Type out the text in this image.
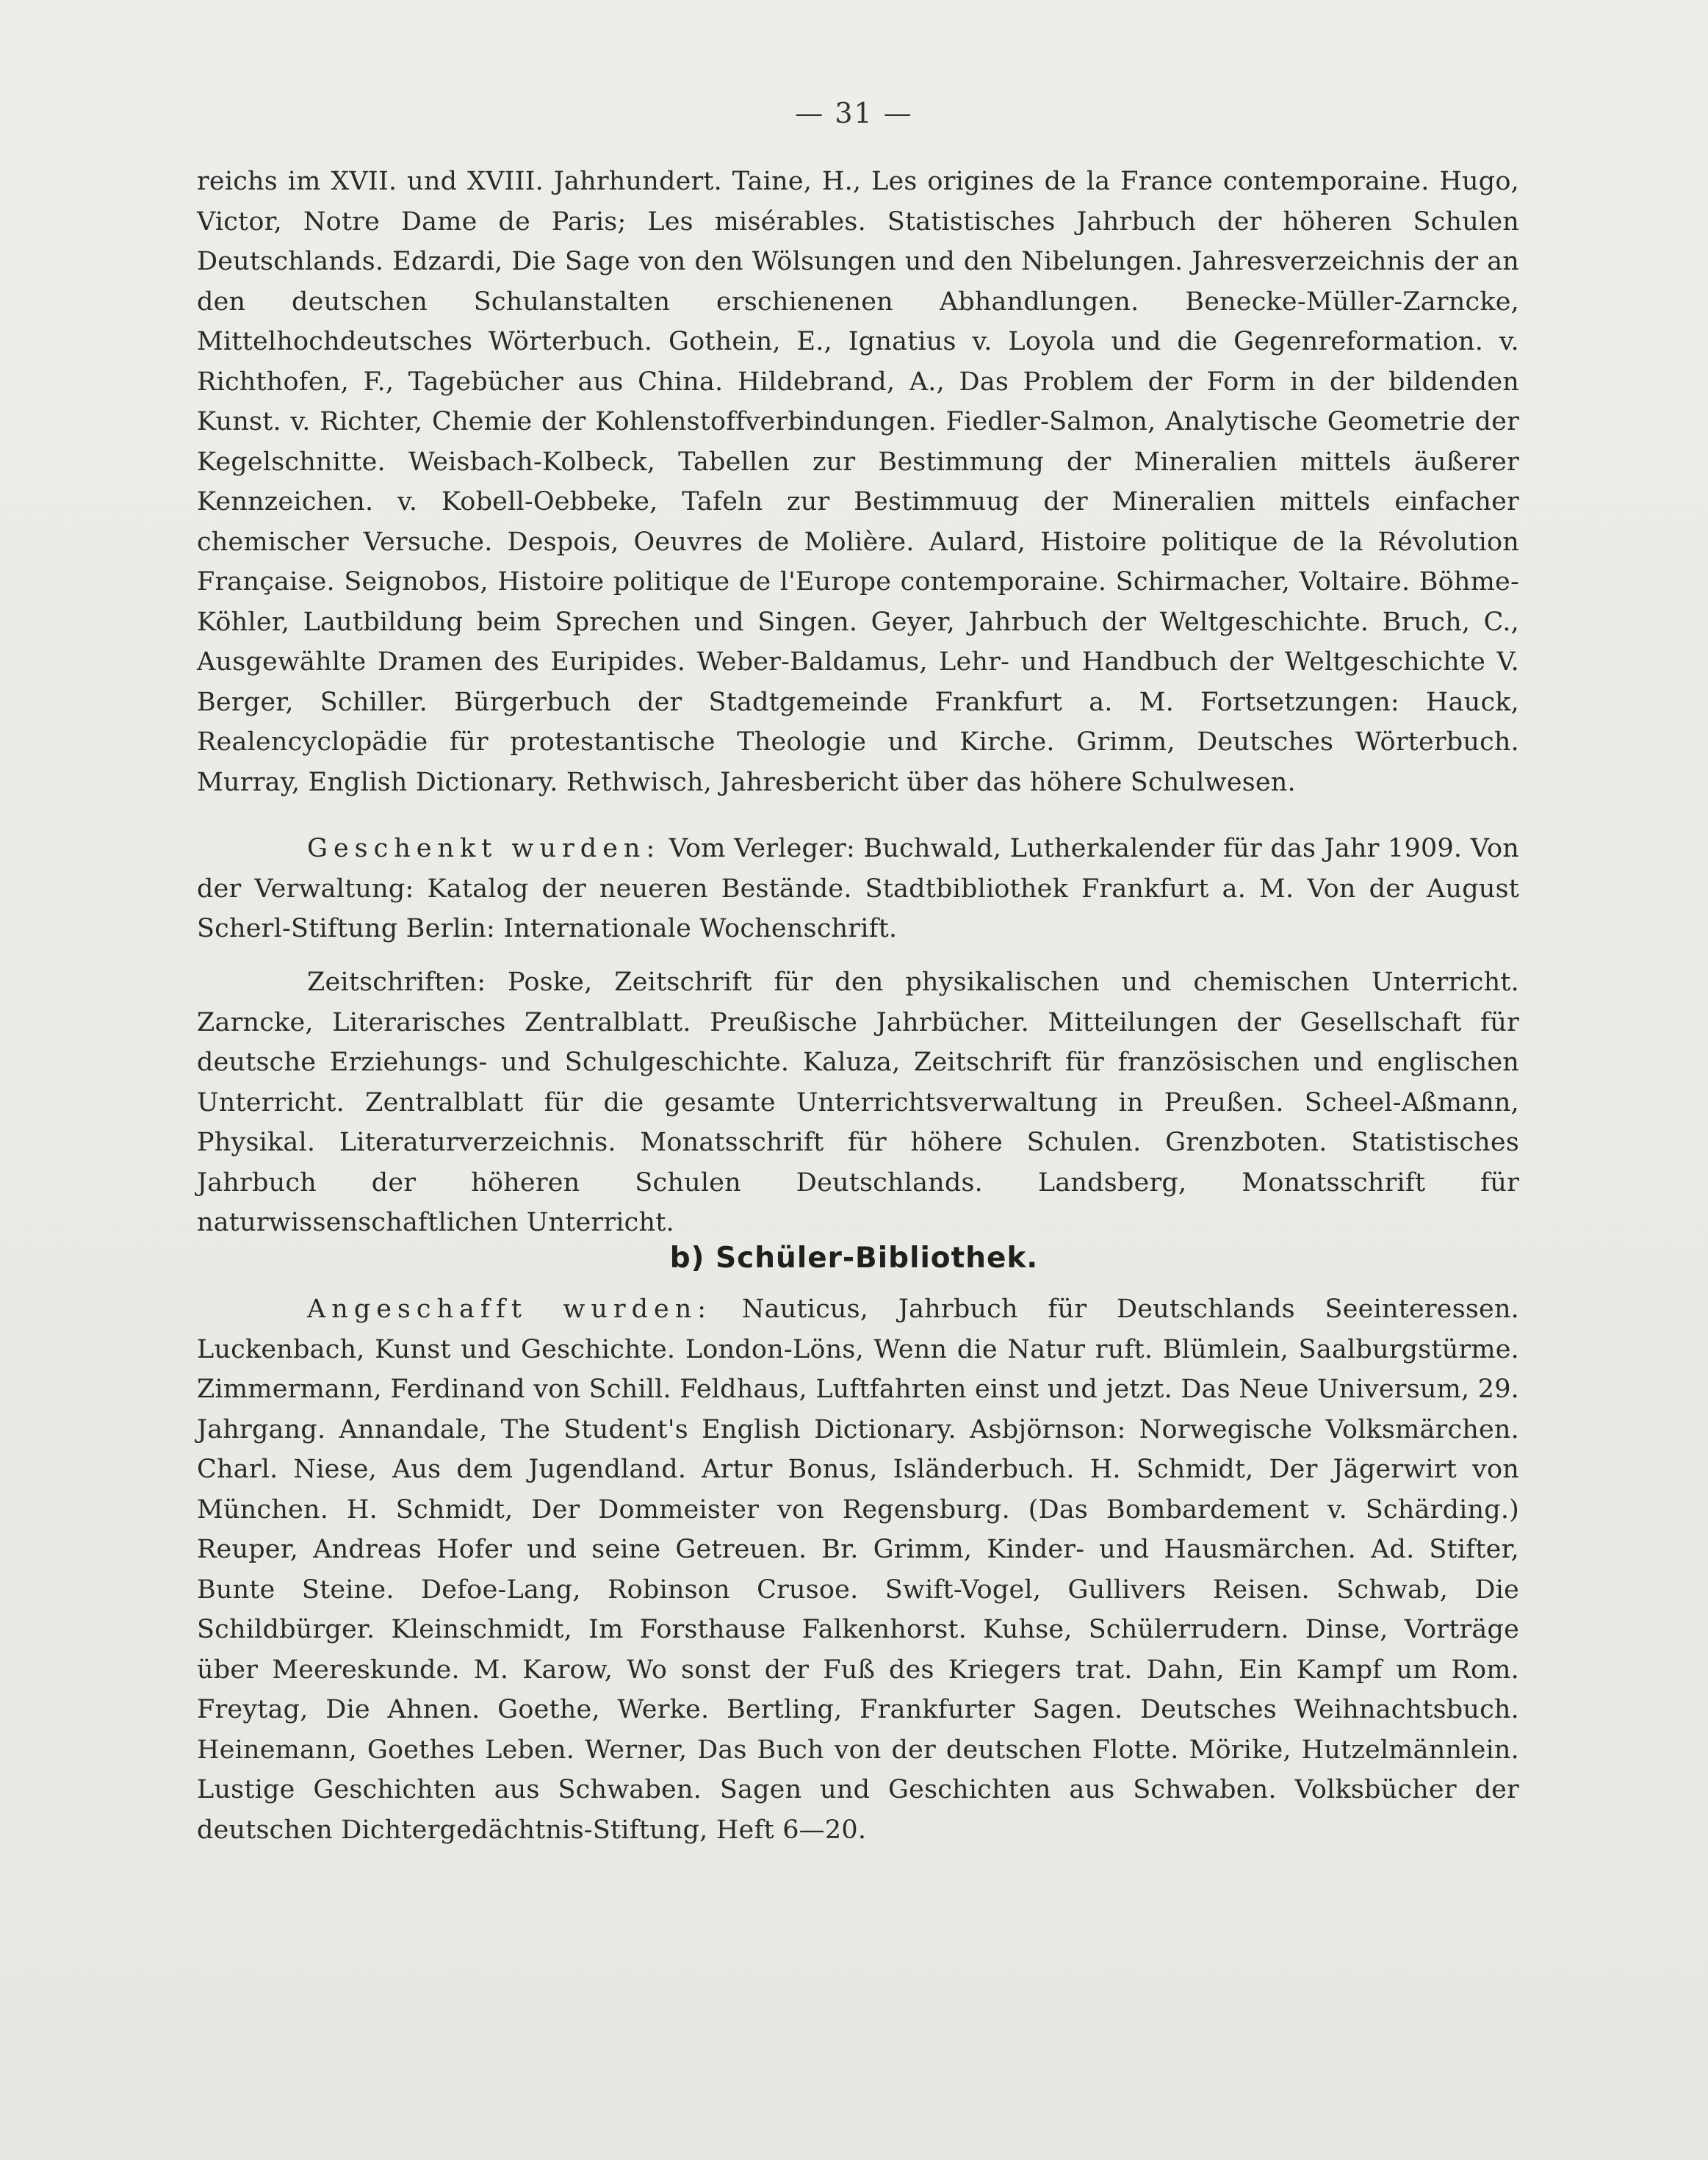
— 31 —

reichs im XVII. und XVIII. Jahrhundert. Taine, H., Les origines de la France contemporaine. Hugo, Victor, Notre Dame de Paris; Les misérables. Statistisches Jahrbuch der höheren Schulen Deutschlands. Edzardi, Die Sage von den Wölsungen und den Nibelungen. Jahresverzeichnis der an den deutschen Schulanstalten erschienenen Abhandlungen. Benecke-Müller-Zarncke, Mittelhochdeutsches Wörterbuch. Gothein, E., Ignatius v. Loyola und die Gegenreformation. v. Richthofen, F., Tagebücher aus China. Hildebrand, A., Das Problem der Form in der bildenden Kunst. v. Richter, Chemie der Kohlenstoffverbindungen. Fiedler-Salmon, Analytische Geometrie der Kegelschnitte. Weisbach-Kolbeck, Tabellen zur Bestimmung der Mineralien mittels äußerer Kennzeichen. v. Kobell-Oebbeke, Tafeln zur Bestimmuug der Mineralien mittels einfacher chemischer Versuche. Despois, Oeuvres de Molière. Aulard, Histoire politique de la Révolution Française. Seignobos, Histoire politique de l'Europe contemporaine. Schirmacher, Voltaire. Böhme-Köhler, Lautbildung beim Sprechen und Singen. Geyer, Jahrbuch der Weltgeschichte. Bruch, C., Ausgewählte Dramen des Euripides. Weber-Baldamus, Lehr- und Handbuch der Weltgeschichte V. Berger, Schiller. Bürgerbuch der Stadtgemeinde Frankfurt a. M. Fortsetzungen: Hauck, Realencyclopädie für protestantische Theologie und Kirche. Grimm, Deutsches Wörterbuch. Murray, English Dictionary. Rethwisch, Jahresbericht über das höhere Schulwesen.

Geschenkt wurden: Vom Verleger: Buchwald, Lutherkalender für das Jahr 1909. Von der Verwaltung: Katalog der neueren Bestände. Stadtbibliothek Frankfurt a. M. Von der August Scherl-Stiftung Berlin: Internationale Wochenschrift.

Zeitschriften: Poske, Zeitschrift für den physikalischen und chemischen Unterricht. Zarncke, Literarisches Zentralblatt. Preußische Jahrbücher. Mitteilungen der Gesellschaft für deutsche Erziehungs- und Schulgeschichte. Kaluza, Zeitschrift für französischen und englischen Unterricht. Zentralblatt für die gesamte Unterrichtsverwaltung in Preußen. Scheel-Aßmann, Physikal. Literaturverzeichnis. Monatsschrift für höhere Schulen. Grenzboten. Statistisches Jahrbuch der höheren Schulen Deutschlands. Landsberg, Monatsschrift für naturwissenschaftlichen Unterricht.

b) Schüler-Bibliothek.

Angeschafft wurden: Nauticus, Jahrbuch für Deutschlands Seeinteressen. Luckenbach, Kunst und Geschichte. London-Löns, Wenn die Natur ruft. Blümlein, Saalburgstürme. Zimmermann, Ferdinand von Schill. Feldhaus, Luftfahrten einst und jetzt. Das Neue Universum, 29. Jahrgang. Annandale, The Student's English Dictionary. Asbjörnson: Norwegische Volksmärchen. Charl. Niese, Aus dem Jugendland. Artur Bonus, Isländerbuch. H. Schmidt, Der Jägerwirt von München. H. Schmidt, Der Dommeister von Regensburg. (Das Bombardement v. Schärding.) Reuper, Andreas Hofer und seine Getreuen. Br. Grimm, Kinder- und Hausmärchen. Ad. Stifter, Bunte Steine. Defoe-Lang, Robinson Crusoe. Swift-Vogel, Gullivers Reisen. Schwab, Die Schildbürger. Kleinschmidt, Im Forsthause Falkenhorst. Kuhse, Schülerrudern. Dinse, Vorträge über Meereskunde. M. Karow, Wo sonst der Fuß des Kriegers trat. Dahn, Ein Kampf um Rom. Freytag, Die Ahnen. Goethe, Werke. Bertling, Frankfurter Sagen. Deutsches Weihnachtsbuch. Heinemann, Goethes Leben. Werner, Das Buch von der deutschen Flotte. Mörike, Hutzelmännlein. Lustige Geschichten aus Schwaben. Sagen und Geschichten aus Schwaben. Volksbücher der deutschen Dichtergedächtnis-Stiftung, Heft 6—20.
